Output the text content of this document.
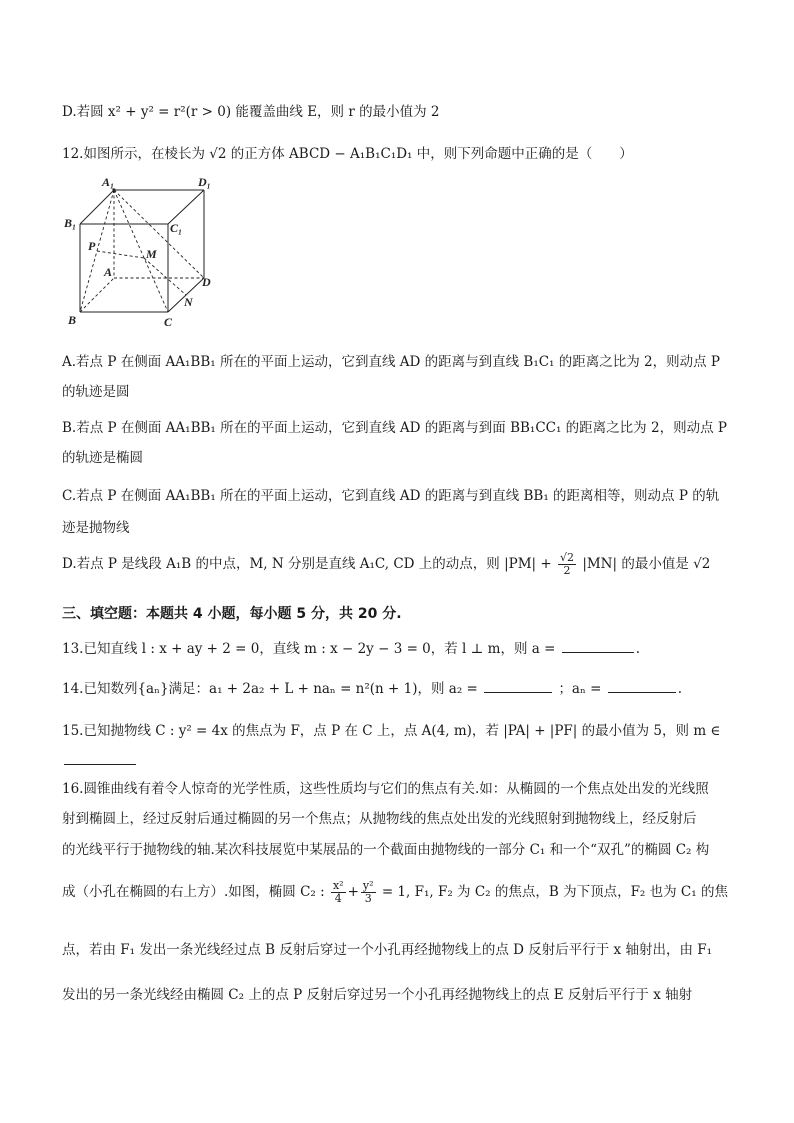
D.若圆 x² + y² = r²(r > 0) 能覆盖曲线 E，则 r 的最小值为 2
12.如图所示，在棱长为 √2 的正方体 ABCD − A₁B₁C₁D₁ 中，则下列命题中正确的是（　　）
A₁	D₁
B₁	C₁
P
M
A
D
N
B	C
A.若点 P 在侧面 AA₁BB₁ 所在的平面上运动，它到直线 AD 的距离与到直线 B₁C₁ 的距离之比为 2，则动点 P
的轨迹是圆
B.若点 P 在侧面 AA₁BB₁ 所在的平面上运动，它到直线 AD 的距离与到面 BB₁CC₁ 的距离之比为 2，则动点 P
的轨迹是椭圆
C.若点 P 在侧面 AA₁BB₁ 所在的平面上运动，它到直线 AD 的距离与到直线 BB₁ 的距离相等，则动点 P 的轨
迹是抛物线
D.若点 P 是线段 A₁B 的中点，M, N 分别是直线 A₁C, CD 上的动点，则 $|PM| + \frac{√2}{2} |MN|$ 的最小值是 √2
三、填空题：本题共 4 小题，每小题 5 分，共 20 分.
13.已知直线 l : x + ay + 2 = 0，直线 m : x − 2y − 3 = 0，若 l ⊥ m，则 a =	.
14.已知数列{aₙ}满足：a₁ + 2a₂ + L + naₙ = n²(n + 1)，则 a₂ =	；aₙ =	.
15.已知抛物线 C : y² = 4x 的焦点为 F，点 P 在 C 上，点 A(4, m)，若 |PA| + |PF| 的最小值为 5，则 m ∈
16.圆锥曲线有着令人惊奇的光学性质，这些性质均与它们的焦点有关.如：从椭圆的一个焦点处出发的光线照
射到椭圆上，经过反射后通过椭圆的另一个焦点；从抛物线的焦点处出发的光线照射到抛物线上，经反射后
的光线平行于抛物线的轴.某次科技展览中某展品的一个截面由抛物线的一部分 C₁ 和一个“双孔”的椭圆 C₂ 构
成（小孔在椭圆的右上方）.如图，椭圆 C₂ : $\frac{\text{x²}}{4} + \frac{\text{y²}}{3} = 1$, F₁, F₂ 为 C₂ 的焦点，B 为下顶点，F₂ 也为 C₁ 的焦
点，若由 F₁ 发出一条光线经过点 B 反射后穿过一个小孔再经抛物线上的点 D 反射后平行于 x 轴射出，由 F₁
发出的另一条光线经由椭圆 C₂ 上的点 P 反射后穿过另一个小孔再经抛物线上的点 E 反射后平行于 x 轴射
